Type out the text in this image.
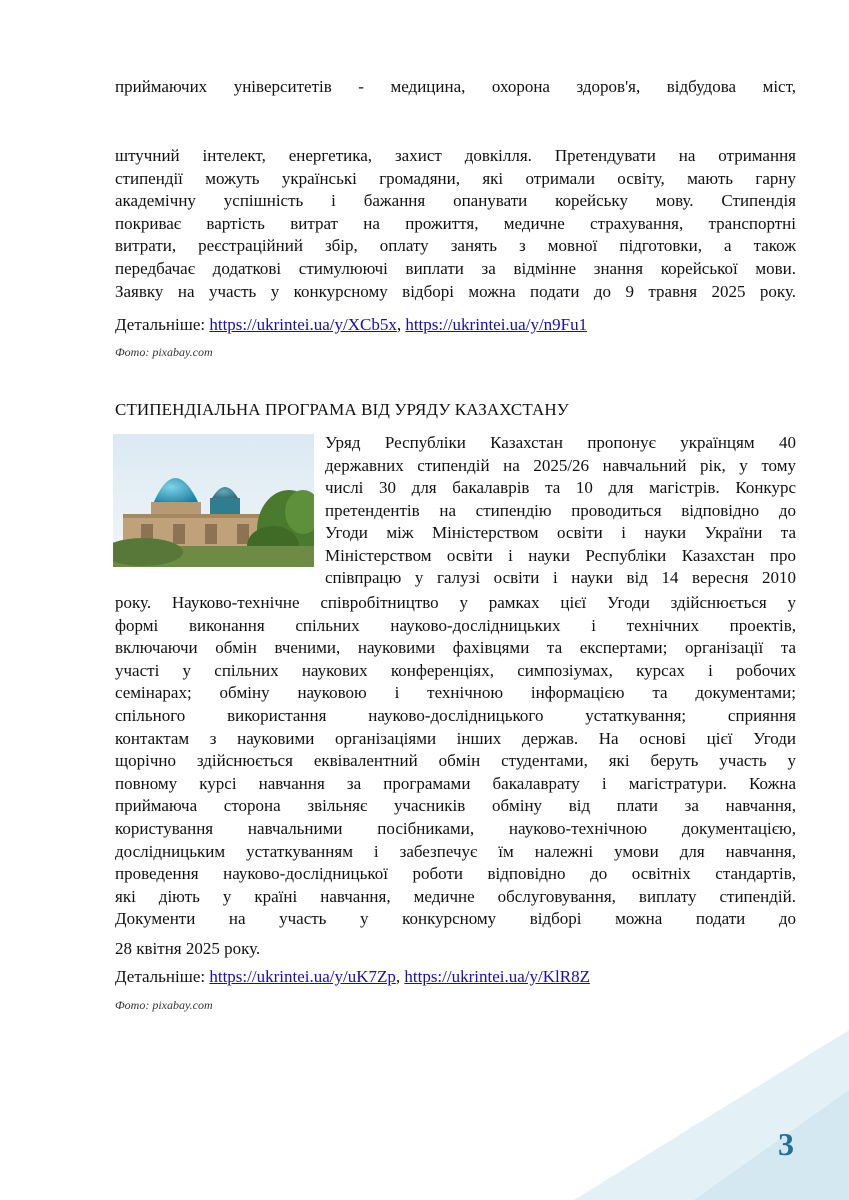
приймаючих університетів - медицина, охорона здоров'я, відбудова міст,
штучний інтелект, енергетика, захист довкілля. Претендувати на отримання
стипендії можуть українські громадяни, які отримали освіту, мають гарну
академічну успішність і бажання опанувати корейську мову. Стипендія
покриває вартість витрат на прожиття, медичне страхування, транспортні
витрати, реєстраційний збір, оплату занять з мовної підготовки, а також
передбачає додаткові стимулюючі виплати за відмінне знання корейської мови.
Заявку на участь у конкурсному відборі можна подати до 9 травня 2025 року.
Детальніше: https://ukrintei.ua/y/XCb5x, https://ukrintei.ua/y/n9Fu1
Фото: pixabay.com
СТИПЕНДІАЛЬНА ПРОГРАМА ВІД УРЯДУ КАЗАХСТАНУ
Уряд Республіки Казахстан пропонує українцям 40
державних стипендій на 2025/26 навчальний рік, у тому
числі 30 для бакалаврів та 10 для магістрів. Конкурс
претендентів на стипендію проводиться відповідно до
Угоди між Міністерством освіти і науки України та
Міністерством освіти і науки Республіки Казахстан про
співпрацю у галузі освіти і науки від 14 вересня 2010
року. Науково-технічне співробітництво у рамках цієї Угоди здійснюється у
формі виконання спільних науково-дослідницьких і технічних проектів,
включаючи обмін вченими, науковими фахівцями та експертами; організації та
участі у спільних наукових конференціях, симпозіумах, курсах і робочих
семінарах; обміну науковою і технічною інформацією та документами;
спільного використання науково-дослідницького устаткування; сприяння
контактам з науковими організаціями інших держав. На основі цієї Угоди
щорічно здійснюється еквівалентний обмін студентами, які беруть участь у
повному курсі навчання за програмами бакалаврату і магістратури. Кожна
приймаюча сторона звільняє учасників обміну від плати за навчання,
користування навчальними посібниками, науково-технічною документацією,
дослідницьким устаткуванням і забезпечує їм належні умови для навчання,
проведення науково-дослідницької роботи відповідно до освітніх стандартів,
які діють у країні навчання, медичне обслуговування, виплату стипендій.
Документи на участь у конкурсному відборі можна подати до
28 квітня 2025 року.
Детальніше: https://ukrintei.ua/y/uK7Zp, https://ukrintei.ua/y/KlR8Z
Фото: pixabay.com
3
